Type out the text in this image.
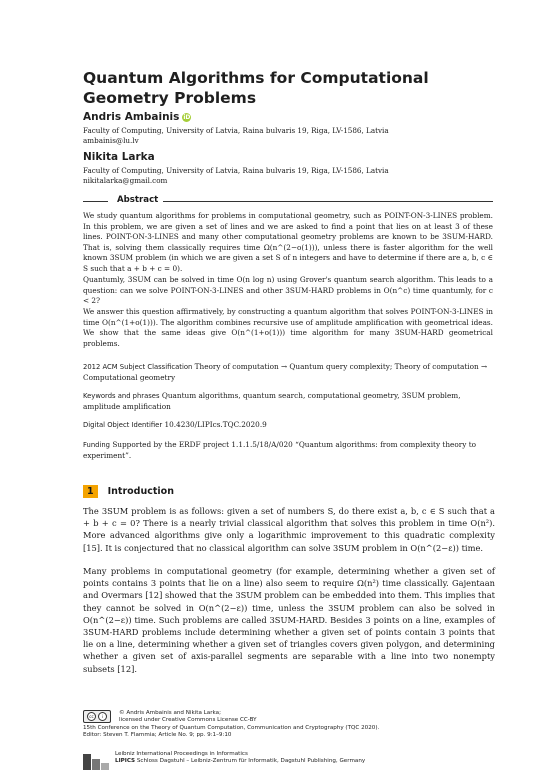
Quantum Algorithms for Computational Geometry Problems
Andris Ambainis iD
Faculty of Computing, University of Latvia, Raina bulvaris 19, Riga, LV-1586, Latvia
ambainis@lu.lv
Nikita Larka
Faculty of Computing, University of Latvia, Raina bulvaris 19, Riga, LV-1586, Latvia
nikitalarka@gmail.com
Abstract
We study quantum algorithms for problems in computational geometry, such as POINT-ON-3-LINES problem. In this problem, we are given a set of lines and we are asked to find a point that lies on at least 3 of these lines. POINT-ON-3-LINES and many other computational geometry problems are known to be 3SUM-HARD. That is, solving them classically requires time Ω(n^(2−o(1))), unless there is faster algorithm for the well known 3SUM problem (in which we are given a set S of n integers and have to determine if there are a, b, c ∈ S such that a + b + c = 0).
Quantumly, 3SUM can be solved in time O(n log n) using Grover's quantum search algorithm. This leads to a question: can we solve POINT-ON-3-LINES and other 3SUM-HARD problems in O(n^c) time quantumly, for c < 2?
We answer this question affirmatively, by constructing a quantum algorithm that solves POINT-ON-3-LINES in time O(n^(1+o(1))). The algorithm combines recursive use of amplitude amplification with geometrical ideas. We show that the same ideas give O(n^(1+o(1))) time algorithm for many 3SUM-HARD geometrical problems.
2012 ACM Subject Classification Theory of computation → Quantum query complexity; Theory of computation → Computational geometry
Keywords and phrases Quantum algorithms, quantum search, computational geometry, 3SUM problem, amplitude amplification
Digital Object Identifier 10.4230/LIPIcs.TQC.2020.9
Funding Supported by the ERDF project 1.1.1.5/18/A/020 “Quantum algorithms: from complexity theory to experiment”.
1 Introduction
The 3SUM problem is as follows: given a set of numbers S, do there exist a, b, c ∈ S such that a + b + c = 0? There is a nearly trivial classical algorithm that solves this problem in time O(n²). More advanced algorithms give only a logarithmic improvement to this quadratic complexity [15]. It is conjectured that no classical algorithm can solve 3SUM problem in O(n^(2−ε)) time.
Many problems in computational geometry (for example, determining whether a given set of points contains 3 points that lie on a line) also seem to require Ω(n²) time classically. Gajentaan and Overmars [12] showed that the 3SUM problem can be embedded into them. This implies that they cannot be solved in O(n^(2−ε)) time, unless the 3SUM problem can also be solved in O(n^(2−ε)) time. Such problems are called 3SUM-HARD. Besides 3 points on a line, examples of 3SUM-HARD problems include determining whether a given set of points contain 3 points that lie on a line, determining whether a given set of triangles covers given polygon, and determining whether a given set of axis-parallel segments are separable with a line into two nonempty subsets [12].
cc	i
© Andris Ambainis and Nikita Larka;
licensed under Creative Commons License CC-BY
15th Conference on the Theory of Quantum Computation, Communication and Cryptography (TQC 2020).
Editor: Steven T. Flammia; Article No. 9; pp. 9:1–9:10
Leibniz International Proceedings in Informatics
LIPICS Schloss Dagstuhl – Leibniz-Zentrum für Informatik, Dagstuhl Publishing, Germany
